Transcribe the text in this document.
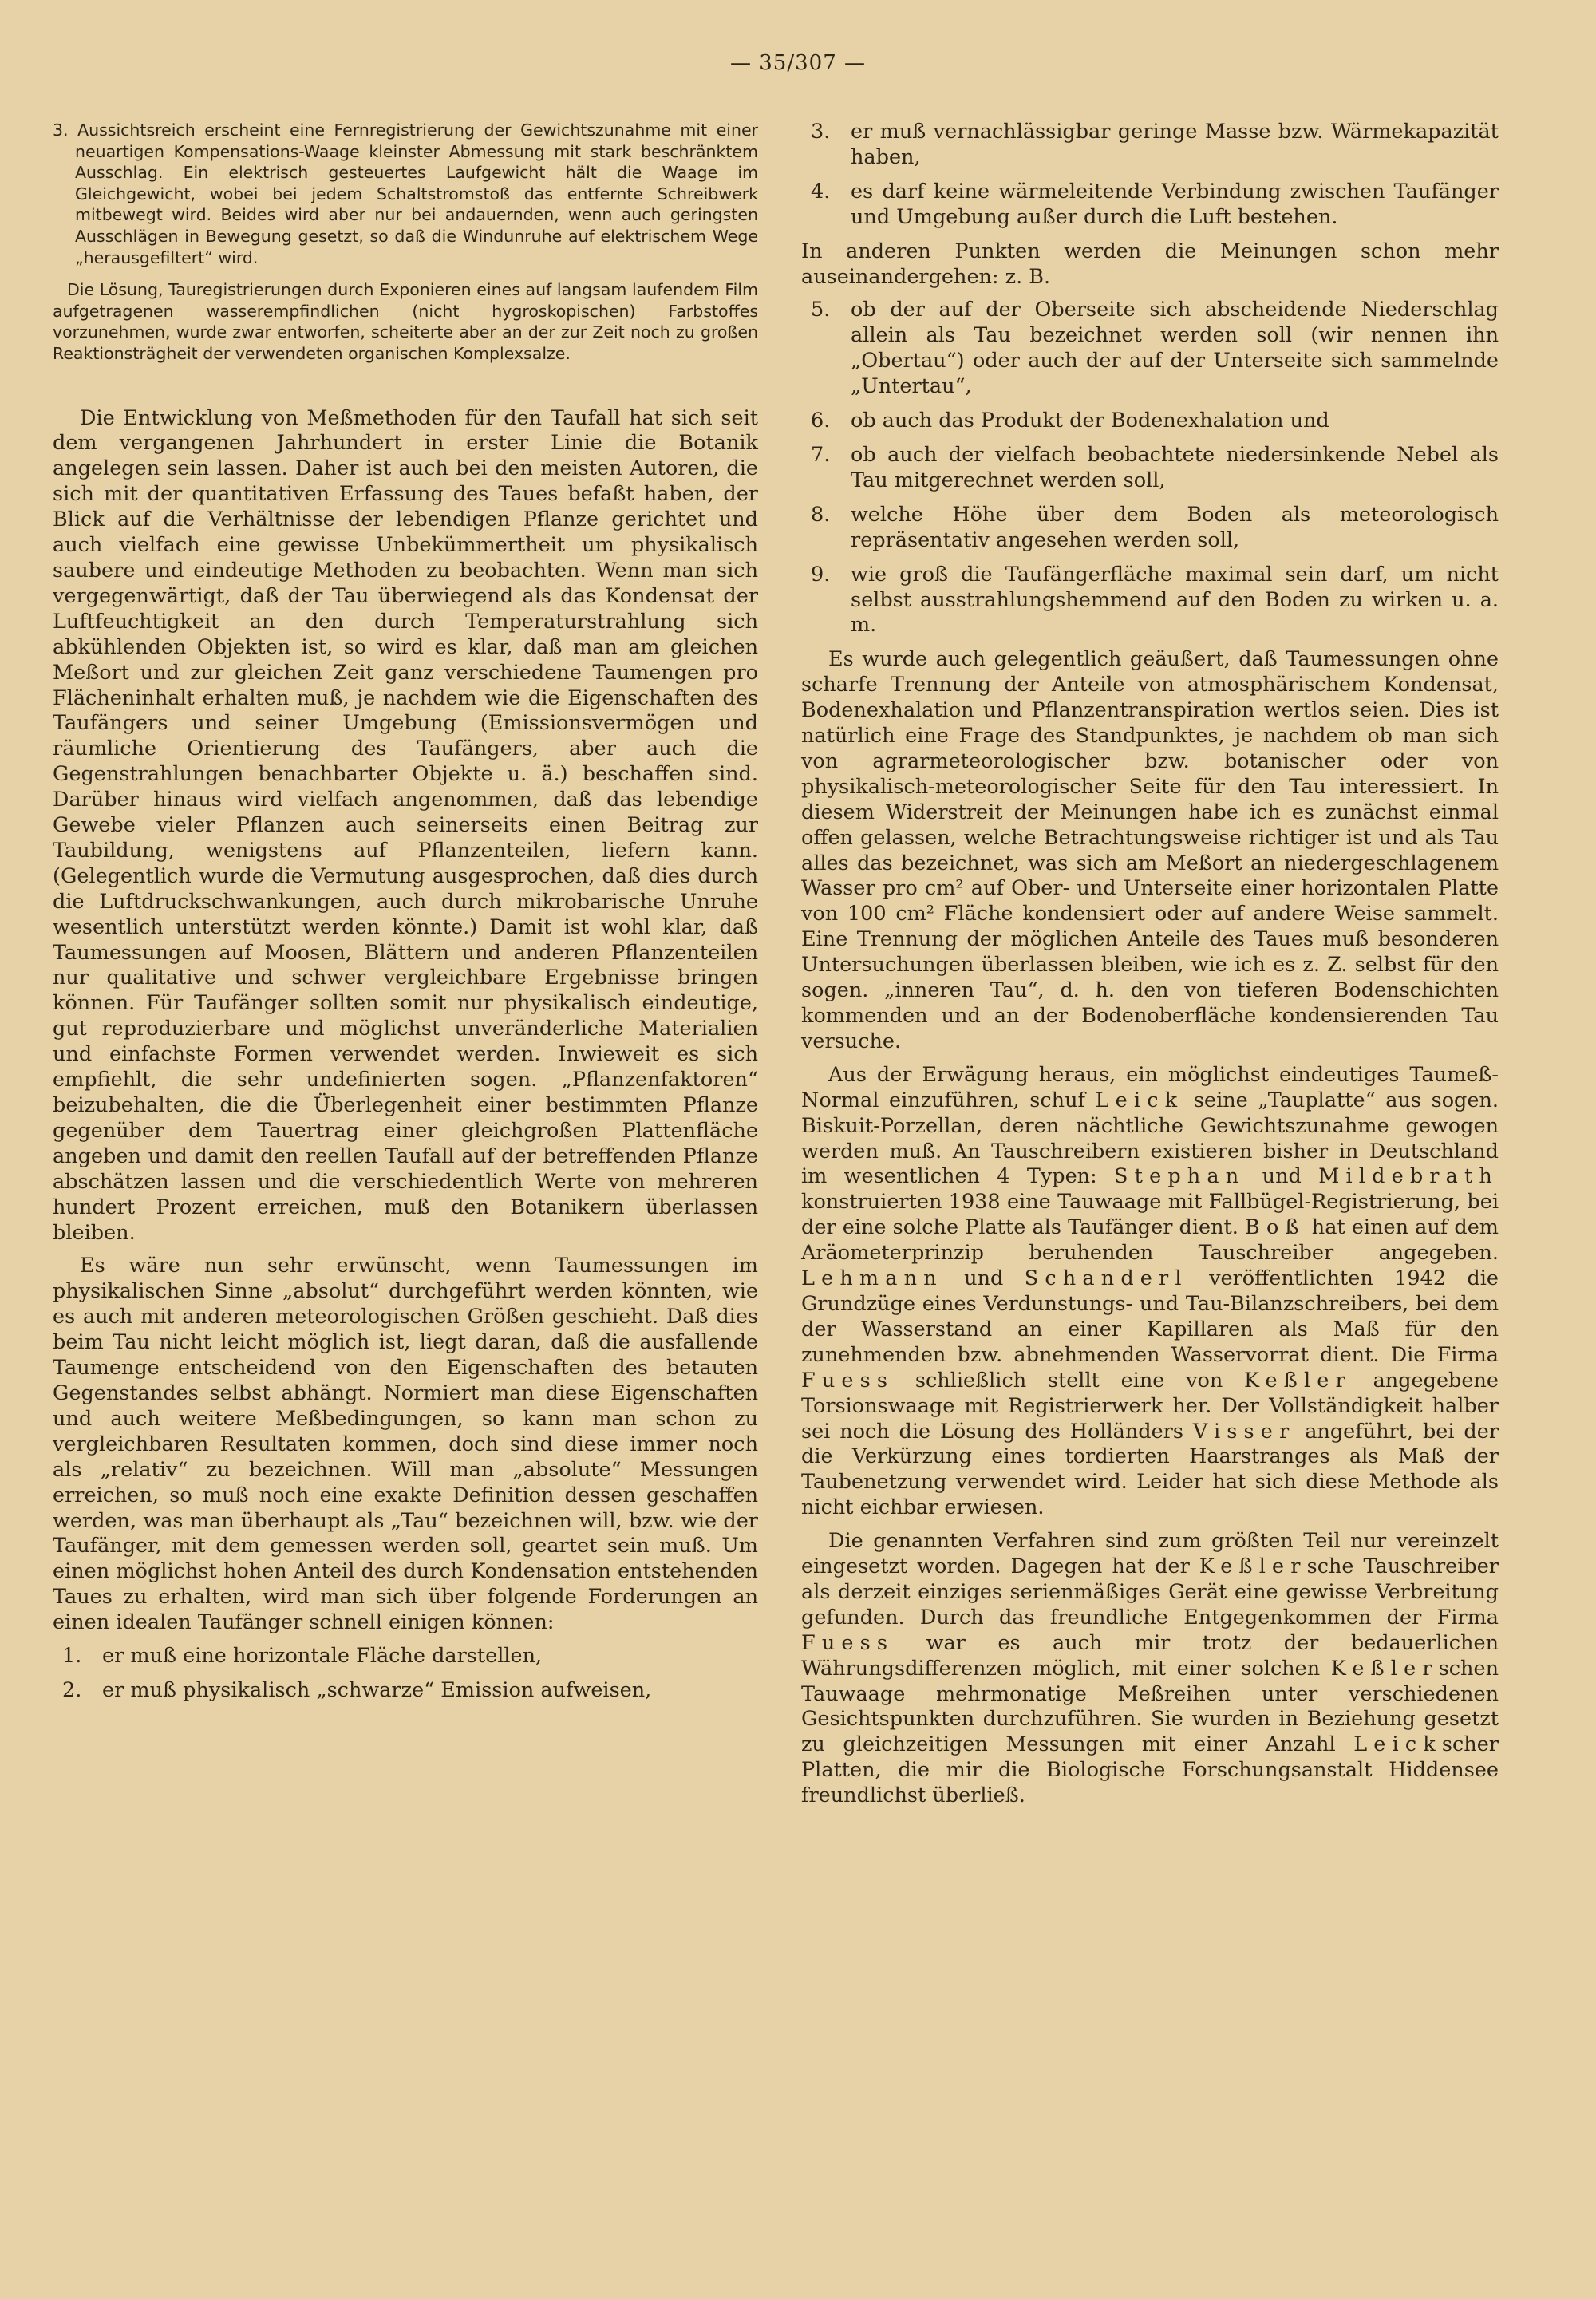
— 35/307 —

3. Aussichtsreich erscheint eine Fernregistrierung der Gewichtszunahme mit einer neuartigen Kompensations-Waage kleinster Abmessung mit stark beschränktem Ausschlag. Ein elektrisch gesteuertes Laufgewicht hält die Waage im Gleichgewicht, wobei bei jedem Schaltstromstoß das entfernte Schreibwerk mitbewegt wird. Beides wird aber nur bei andauernden, wenn auch geringsten Ausschlägen in Bewegung gesetzt, so daß die Windunruhe auf elektrischem Wege „herausgefiltert“ wird.

Die Lösung, Tauregistrierungen durch Exponieren eines auf langsam laufendem Film aufgetragenen wasserempfindlichen (nicht hygroskopischen) Farbstoffes vorzunehmen, wurde zwar entworfen, scheiterte aber an der zur Zeit noch zu großen Reaktionsträgheit der verwendeten organischen Komplexsalze.

Die Entwicklung von Meßmethoden für den Taufall hat sich seit dem vergangenen Jahrhundert in erster Linie die Botanik angelegen sein lassen. Daher ist auch bei den meisten Autoren, die sich mit der quantitativen Erfassung des Taues befaßt haben, der Blick auf die Verhältnisse der lebendigen Pflanze gerichtet und auch vielfach eine gewisse Unbekümmertheit um physikalisch saubere und eindeutige Methoden zu beobachten. Wenn man sich vergegenwärtigt, daß der Tau überwiegend als das Kondensat der Luftfeuchtigkeit an den durch Temperaturstrahlung sich abkühlenden Objekten ist, so wird es klar, daß man am gleichen Meßort und zur gleichen Zeit ganz verschiedene Taumengen pro Flächeninhalt erhalten muß, je nachdem wie die Eigenschaften des Taufängers und seiner Umgebung (Emissionsvermögen und räumliche Orientierung des Taufängers, aber auch die Gegenstrahlungen benachbarter Objekte u. ä.) beschaffen sind. Darüber hinaus wird vielfach angenommen, daß das lebendige Gewebe vieler Pflanzen auch seinerseits einen Beitrag zur Taubildung, wenigstens auf Pflanzenteilen, liefern kann. (Gelegentlich wurde die Vermutung ausgesprochen, daß dies durch die Luftdruckschwankungen, auch durch mikrobarische Unruhe wesentlich unterstützt werden könnte.) Damit ist wohl klar, daß Taumessungen auf Moosen, Blättern und anderen Pflanzenteilen nur qualitative und schwer vergleichbare Ergebnisse bringen können. Für Taufänger sollten somit nur physikalisch eindeutige, gut reproduzierbare und möglichst unveränderliche Materialien und einfachste Formen verwendet werden. Inwieweit es sich empfiehlt, die sehr undefinierten sogen. „Pflanzenfaktoren“ beizubehalten, die die Überlegenheit einer bestimmten Pflanze gegenüber dem Tauertrag einer gleichgroßen Plattenfläche angeben und damit den reellen Taufall auf der betreffenden Pflanze abschätzen lassen und die verschiedentlich Werte von mehreren hundert Prozent erreichen, muß den Botanikern überlassen bleiben.

Es wäre nun sehr erwünscht, wenn Taumessungen im physikalischen Sinne „absolut“ durchgeführt werden könnten, wie es auch mit anderen meteorologischen Größen geschieht. Daß dies beim Tau nicht leicht möglich ist, liegt daran, daß die ausfallende Taumenge entscheidend von den Eigenschaften des betauten Gegenstandes selbst abhängt. Normiert man diese Eigenschaften und auch weitere Meßbedingungen, so kann man schon zu vergleichbaren Resultaten kommen, doch sind diese immer noch als „relativ“ zu bezeichnen. Will man „absolute“ Messungen erreichen, so muß noch eine exakte Definition dessen geschaffen werden, was man überhaupt als „Tau“ bezeichnen will, bzw. wie der Taufänger, mit dem gemessen werden soll, geartet sein muß. Um einen möglichst hohen Anteil des durch Kondensation entstehenden Taues zu erhalten, wird man sich über folgende Forderungen an einen idealen Taufänger schnell einigen können:

1. er muß eine horizontale Fläche darstellen,
2. er muß physikalisch „schwarze“ Emission aufweisen,
3. er muß vernachlässigbar geringe Masse bzw. Wärmekapazität haben,
4. es darf keine wärmeleitende Verbindung zwischen Taufänger und Umgebung außer durch die Luft bestehen.

In anderen Punkten werden die Meinungen schon mehr auseinandergehen: z. B.

5. ob der auf der Oberseite sich abscheidende Niederschlag allein als Tau bezeichnet werden soll (wir nennen ihn „Obertau“) oder auch der auf der Unterseite sich sammelnde „Untertau“,
6. ob auch das Produkt der Bodenexhalation und
7. ob auch der vielfach beobachtete niedersinkende Nebel als Tau mitgerechnet werden soll,
8. welche Höhe über dem Boden als meteorologisch repräsentativ angesehen werden soll,
9. wie groß die Taufängerfläche maximal sein darf, um nicht selbst ausstrahlungshemmend auf den Boden zu wirken u. a. m.

Es wurde auch gelegentlich geäußert, daß Taumessungen ohne scharfe Trennung der Anteile von atmosphärischem Kondensat, Bodenexhalation und Pflanzentranspiration wertlos seien. Dies ist natürlich eine Frage des Standpunktes, je nachdem ob man sich von agrarmeteorologischer bzw. botanischer oder von physikalisch-meteorologischer Seite für den Tau interessiert. In diesem Widerstreit der Meinungen habe ich es zunächst einmal offen gelassen, welche Betrachtungsweise richtiger ist und als Tau alles das bezeichnet, was sich am Meßort an niedergeschlagenem Wasser pro cm² auf Ober- und Unterseite einer horizontalen Platte von 100 cm² Fläche kondensiert oder auf andere Weise sammelt. Eine Trennung der möglichen Anteile des Taues muß besonderen Untersuchungen überlassen bleiben, wie ich es z. Z. selbst für den sogen. „inneren Tau“, d. h. den von tieferen Bodenschichten kommenden und an der Bodenoberfläche kondensierenden Tau versuche.

Aus der Erwägung heraus, ein möglichst eindeutiges Taumeß-Normal einzuführen, schuf Leick seine „Tauplatte“ aus sogen. Biskuit-Porzellan, deren nächtliche Gewichtszunahme gewogen werden muß. An Tauschreibern existieren bisher in Deutschland im wesentlichen 4 Typen: Stephan und Mildebrath konstruierten 1938 eine Tauwaage mit Fallbügel-Registrierung, bei der eine solche Platte als Taufänger dient. Boß hat einen auf dem Aräometerprinzip beruhenden Tauschreiber angegeben. Lehmann und Schanderl veröffentlichten 1942 die Grundzüge eines Verdunstungs- und Tau-Bilanzschreibers, bei dem der Wasserstand an einer Kapillaren als Maß für den zunehmenden bzw. abnehmenden Wasservorrat dient. Die Firma Fuess schließlich stellt eine von Keßler angegebene Torsionswaage mit Registrierwerk her. Der Vollständigkeit halber sei noch die Lösung des Holländers Visser angeführt, bei der die Verkürzung eines tordierten Haarstranges als Maß der Taubenetzung verwendet wird. Leider hat sich diese Methode als nicht eichbar erwiesen.

Die genannten Verfahren sind zum größten Teil nur vereinzelt eingesetzt worden. Dagegen hat der Keßlersche Tauschreiber als derzeit einziges serienmäßiges Gerät eine gewisse Verbreitung gefunden. Durch das freundliche Entgegenkommen der Firma Fuess war es auch mir trotz der bedauerlichen Währungsdifferenzen möglich, mit einer solchen Keßlerschen Tauwaage mehrmonatige Meßreihen unter verschiedenen Gesichtspunkten durchzuführen. Sie wurden in Beziehung gesetzt zu gleichzeitigen Messungen mit einer Anzahl Leickscher Platten, die mir die Biologische Forschungsanstalt Hiddensee freundlichst überließ.
